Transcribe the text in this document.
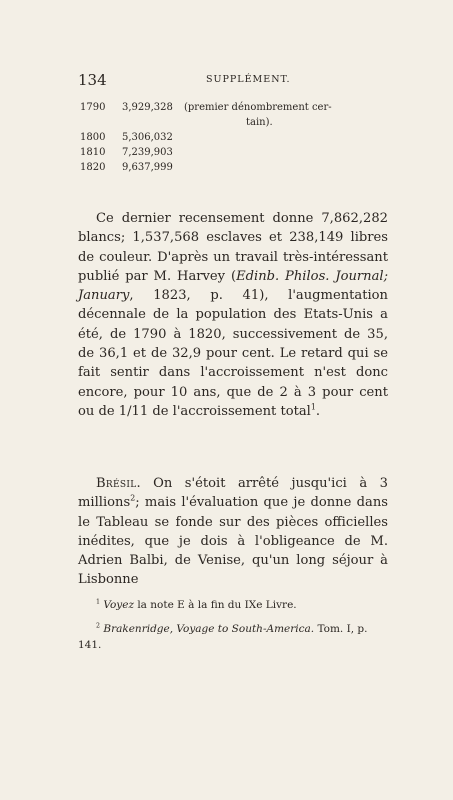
134	SUPPLÉMENT.
1790	3,929,328	(premier dénombrement cer-
tain).
1800	5,306,032
1810	7,239,903
1820	9,637,999
Ce dernier recensement donne 7,862,282 blancs; 1,537,568 esclaves et 238,149 libres de couleur. D'après un travail très-intéressant publié par M. Harvey (Edinb. Philos. Journal; January, 1823, p. 41), l'augmentation décennale de la population des Etats-Unis a été, de 1790 à 1820, successivement de 35, de 36,1 et de 32,9 pour cent. Le retard qui se fait sentir dans l'accroissement n'est donc encore, pour 10 ans, que de 2 à 3 pour cent ou de 1/11 de l'accroissement total$^1$.
Brésil. On s'étoit arrêté jusqu'ici à 3 millions$^2$; mais l'évaluation que je donne dans le Tableau se fonde sur des pièces officielles inédites, que je dois à l'obligeance de M. Adrien Balbi, de Venise, qu'un long séjour à Lisbonne
$^1$ Voyez la note E à la fin du IXe Livre.
$^2$ Brakenridge, Voyage to South-America. Tom. I, p. 141.
